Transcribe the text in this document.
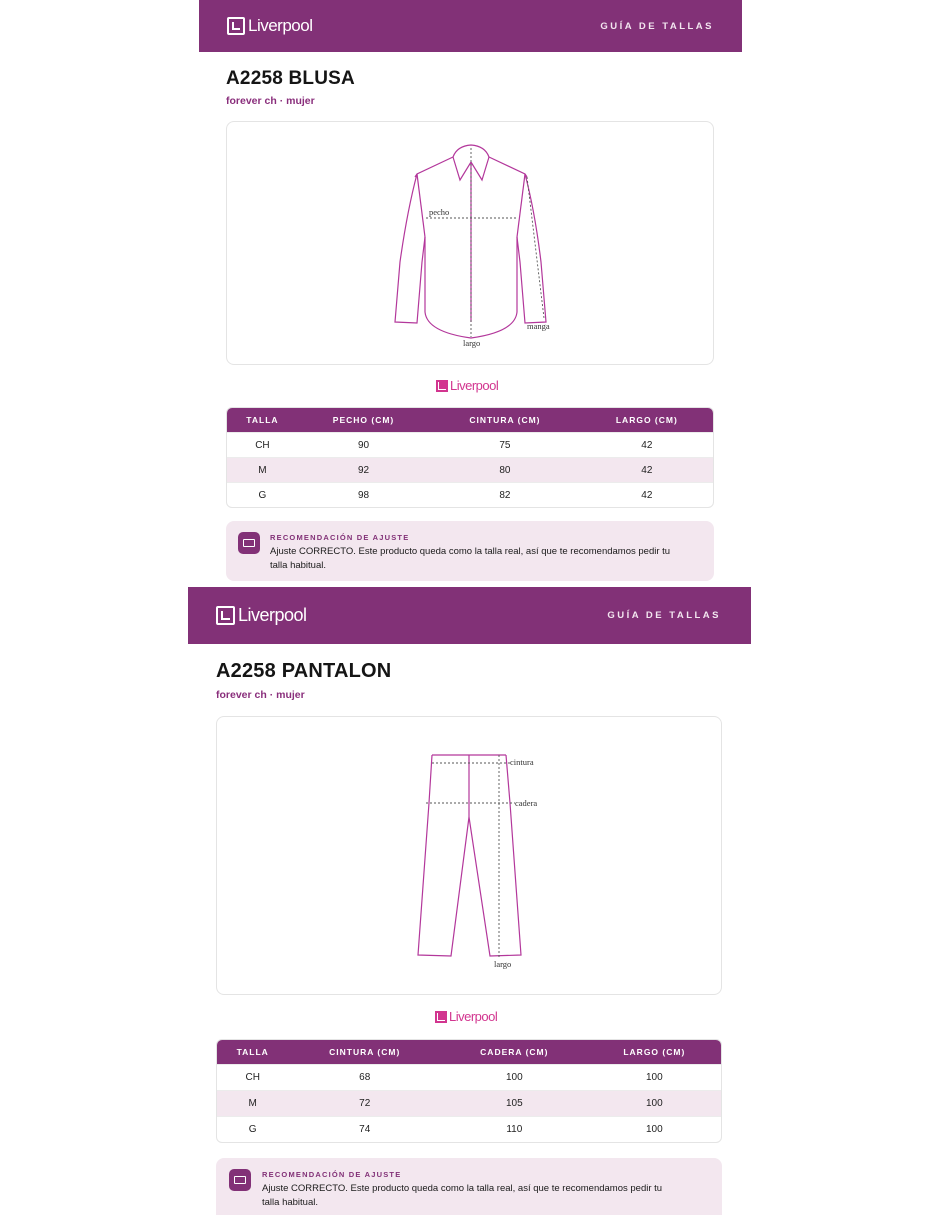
Liverpool	GUÍA DE TALLAS
A2258 BLUSA
forever ch · mujer
pecho
largo
manga
Liverpool
TALLA	PECHO (CM)	CINTURA (CM)	LARGO (CM)
CH	90	75	42
M	92	80	42
G	98	82	42
RECOMENDACIÓN DE AJUSTE
Ajuste CORRECTO. Este producto queda como la talla real, así que te recomendamos pedir tu talla habitual.
Liverpool	GUÍA DE TALLAS
A2258 PANTALON
forever ch · mujer
cintura
cadera
largo
Liverpool
TALLA	CINTURA (CM)	CADERA (CM)	LARGO (CM)
CH	68	100	100
M	72	105	100
G	74	110	100
RECOMENDACIÓN DE AJUSTE
Ajuste CORRECTO. Este producto queda como la talla real, así que te recomendamos pedir tu talla habitual.
